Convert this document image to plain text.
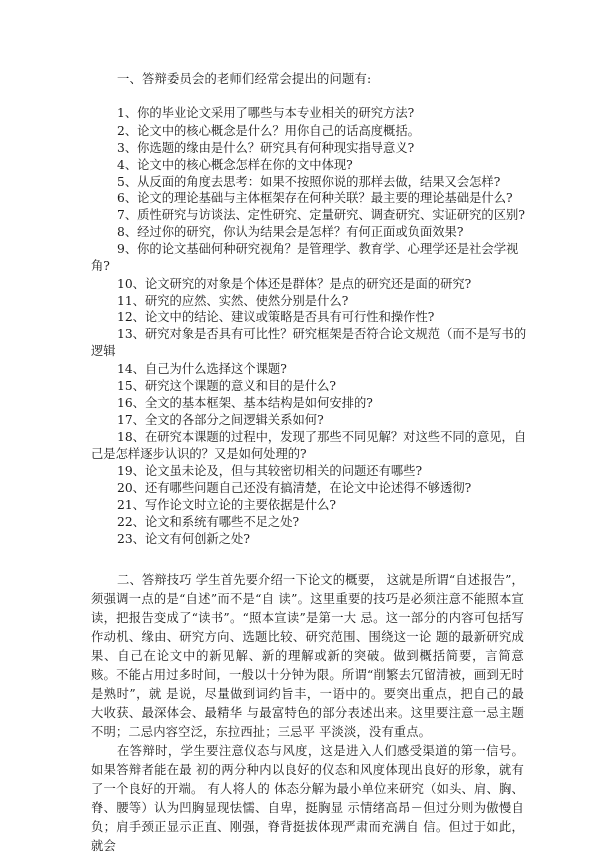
一、答辩委员会的老师们经常会提出的问题有:
1、你的毕业论文采用了哪些与本专业相关的研究方法?
2、论文中的核心概念是什么？用你自己的话高度概括。
3、你选题的缘由是什么？研究具有何种现实指导意义?
4、论文中的核心概念怎样在你的文中体现?
5、从反面的角度去思考：如果不按照你说的那样去做，结果又会怎样?
6、论文的理论基础与主体框架存在何种关联？最主要的理论基础是什么?
7、质性研究与访谈法、定性研究、定量研究、调查研究、实证研究的区别?
8、经过你的研究，你认为结果会是怎样？有何正面或负面效果?
9、你的论文基础何种研究视角？是管理学、教育学、心理学还是社会学视
角?
10、论文研究的对象是个体还是群体？是点的研究还是面的研究?
11、研究的应然、实然、使然分别是什么?
12、论文中的结论、建议或策略是否具有可行性和操作性?
13、研究对象是否具有可比性？研究框架是否符合论文规范（而不是写书的
逻辑
14、自己为什么选择这个课题?
15、研究这个课题的意义和目的是什么?
16、全文的基本框架、基本结构是如何安排的?
17、全文的各部分之间逻辑关系如何?
18、在研究本课题的过程中，发现了那些不同见解？对这些不同的意见，自
己是怎样逐步认识的？又是如何处理的?
19、论文虽未论及，但与其较密切相关的问题还有哪些?
20、还有哪些问题自己还没有搞清楚，在论文中论述得不够透彻?
21、写作论文时立论的主要依据是什么?
22、论文和系统有哪些不足之处?
23、论文有何创新之处?
二、答辩技巧 学生首先要介绍一下论文的概要， 这就是所谓“自述报告”，须强调一点的是“自述”而不是“自 读”。这里重要的技巧是必须注意不能照本宣读，把报告变成了“读书”。“照本宣读”是第一大 忌。这一部分的内容可包括写作动机、缘由、研究方向、选题比较、研究范围、围绕这一论 题的最新研究成果、自己在论文中的新见解、新的理解或新的突破。做到概括简要，言简意赅。不能占用过多时间，一般以十分钟为限。所谓“削繁去冗留清被，画到无时是熟时”，就 是说，尽量做到词约旨丰，一语中的。要突出重点，把自己的最大收获、最深体会、最精华 与最富特色的部分表述出来。这里要注意一忌主题不明；二忌内容空泛，东拉西扯；三忌平 平淡淡，没有重点。
在答辩时，学生要注意仪态与风度，这是进入人们感受渠道的第一信号。如果答辩者能在最 初的两分种内以良好的仪态和风度体现出良好的形象，就有了一个良好的开端。 有人将人的 体态分解为最小单位来研究（如头、肩、胸、脊、腰等）认为凹胸显现怯懦、自卑，挺胸显 示情绪高昂－但过分则为傲慢自负；肩手颈正显示正直、刚强，脊背挺拔体现严肃而充满自 信。但过于如此，就会
